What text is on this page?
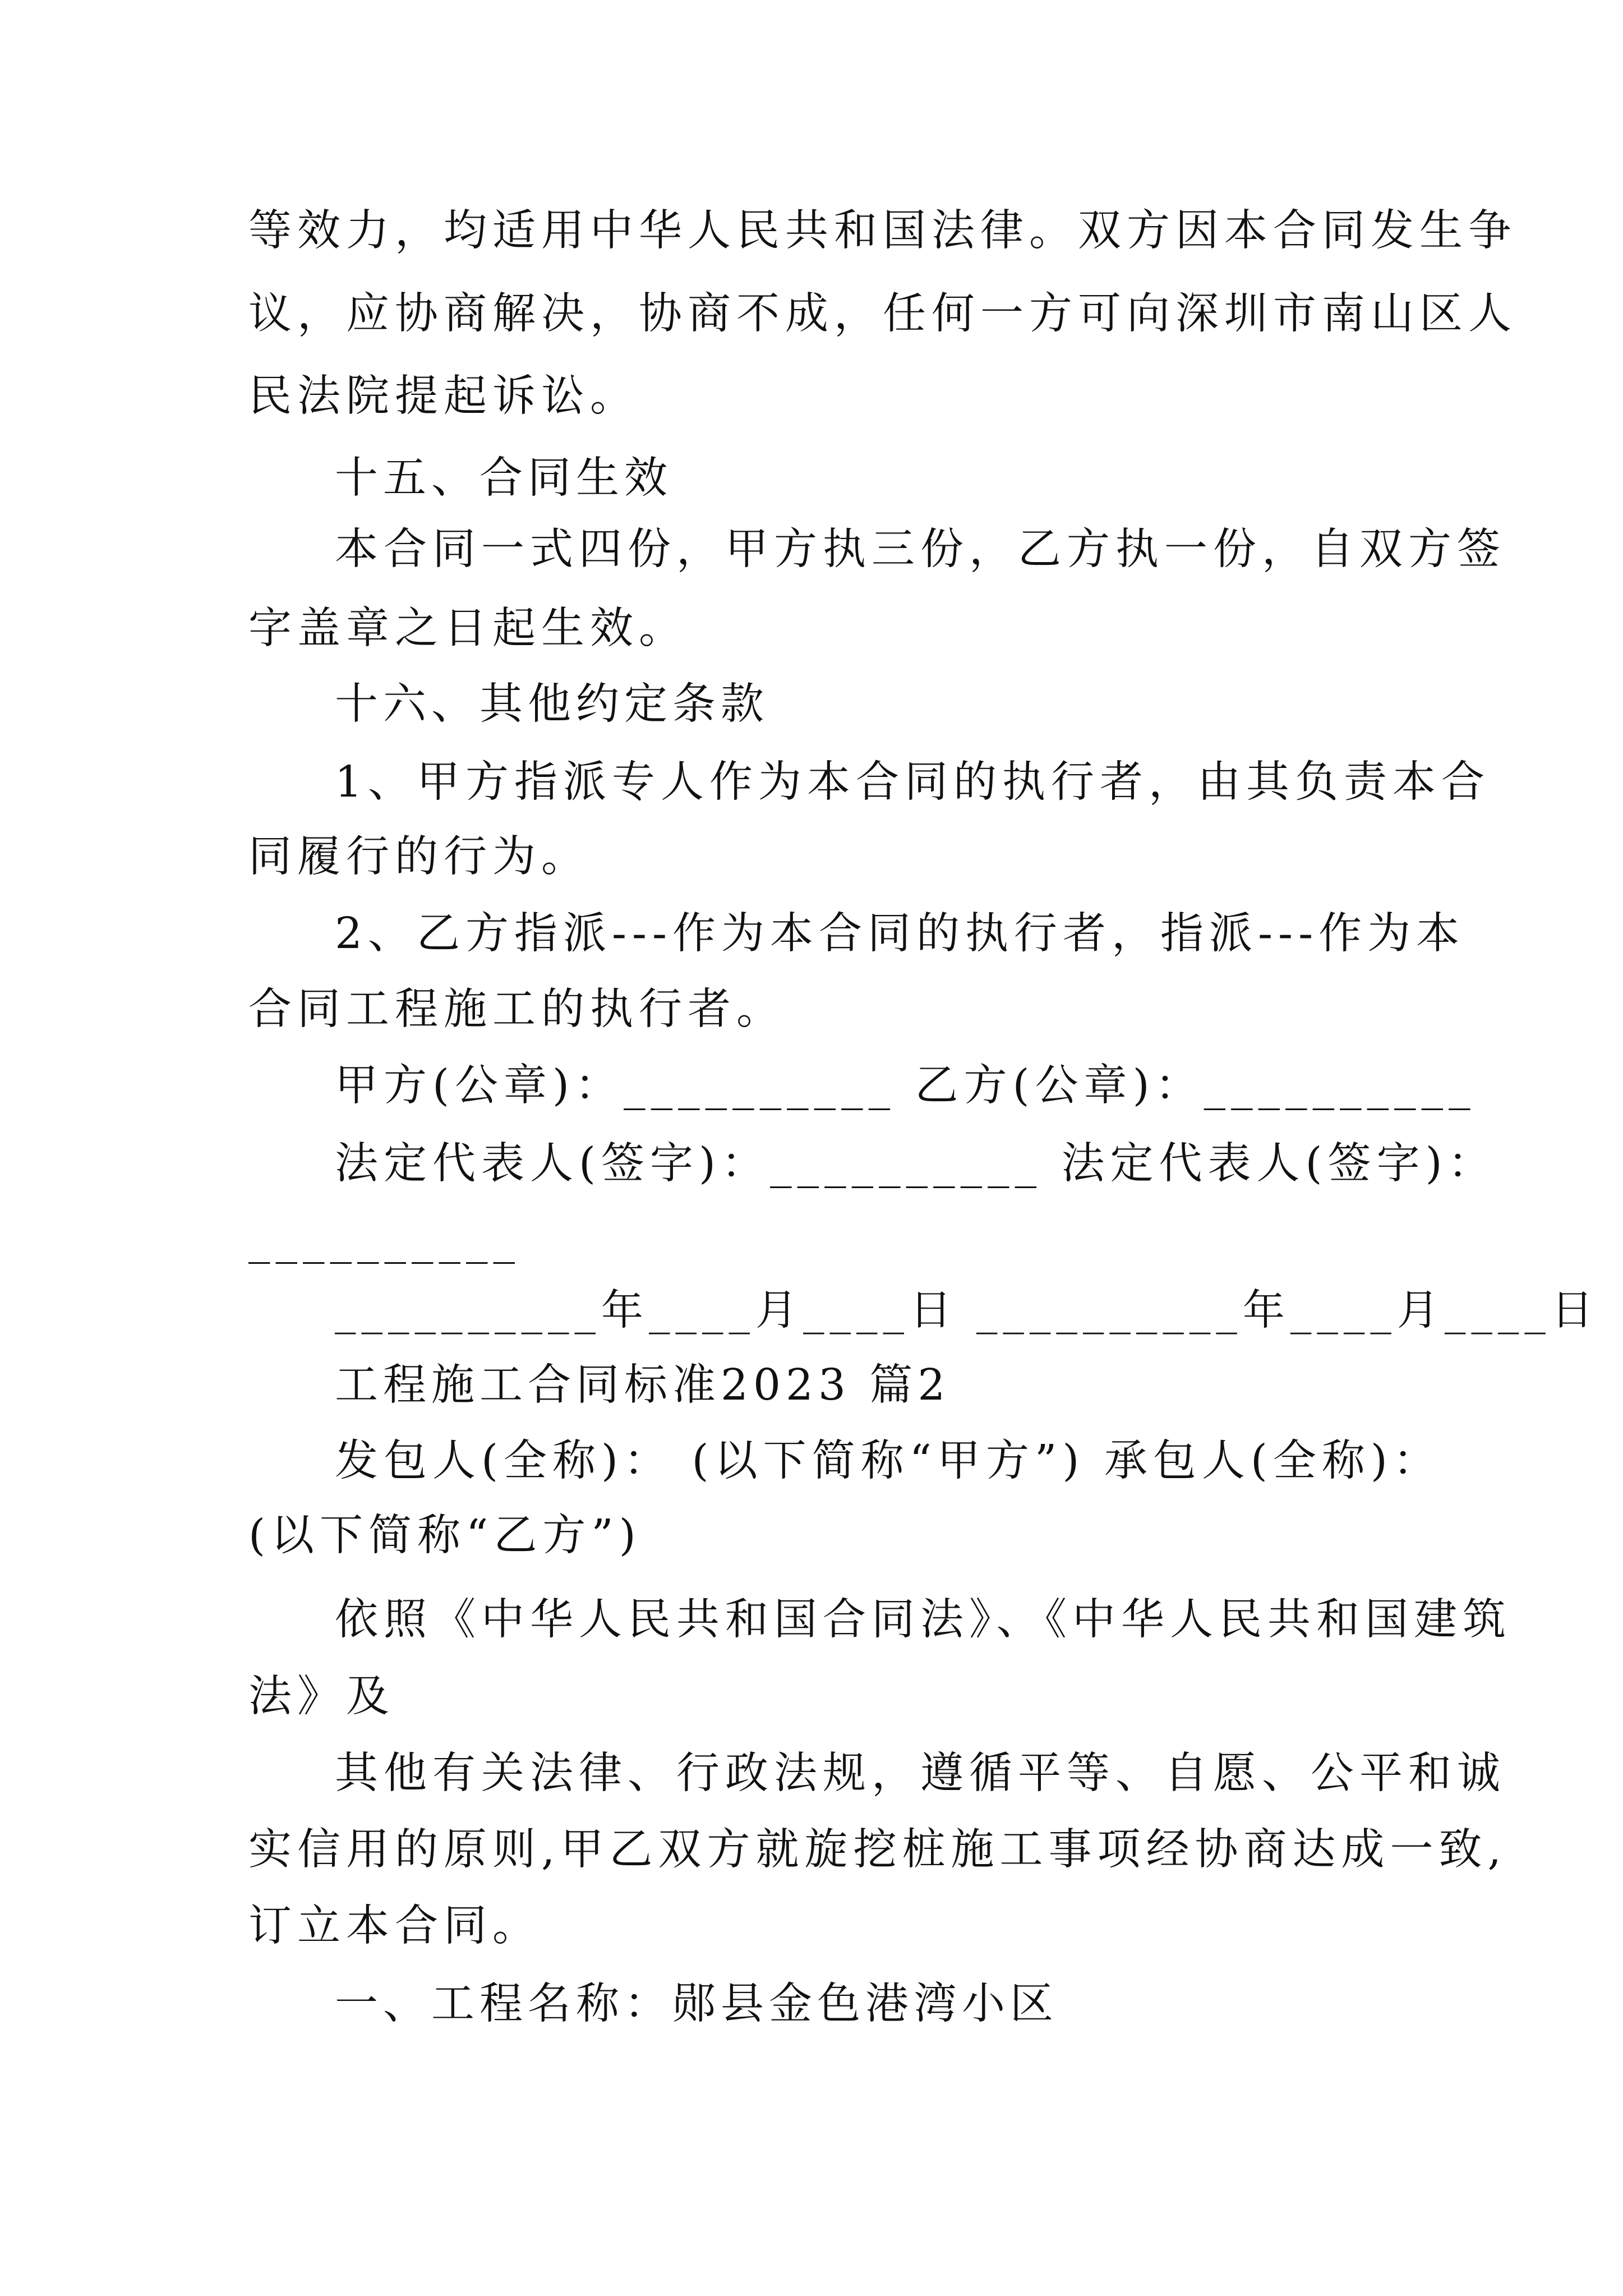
等效力，均适用中华人民共和国法律。双方因本合同发生争
议，应协商解决，协商不成，任何一方可向深圳市南山区人
民法院提起诉讼。
十五、合同生效
本合同一式四份，甲方执三份，乙方执一份，自双方签
字盖章之日起生效。
十六、其他约定条款
1、甲方指派专人作为本合同的执行者，由其负责本合
同履行的行为。
2、乙方指派---作为本合同的执行者，指派---作为本
合同工程施工的执行者。
甲方(公章)：__________ 乙方(公章)：__________
法定代表人(签字)：__________ 法定代表人(签字)：
__________
__________年____月____日 __________年____月____日
工程施工合同标准2023 篇2
发包人(全称)： (以下简称“甲方”) 承包人(全称)：
(以下简称“乙方”)
依照《中华人民共和国合同法》、《中华人民共和国建筑
法》及
其他有关法律、行政法规，遵循平等、自愿、公平和诚
实信用的原则,甲乙双方就旋挖桩施工事项经协商达成一致,
订立本合同。
一、工程名称：郧县金色港湾小区
